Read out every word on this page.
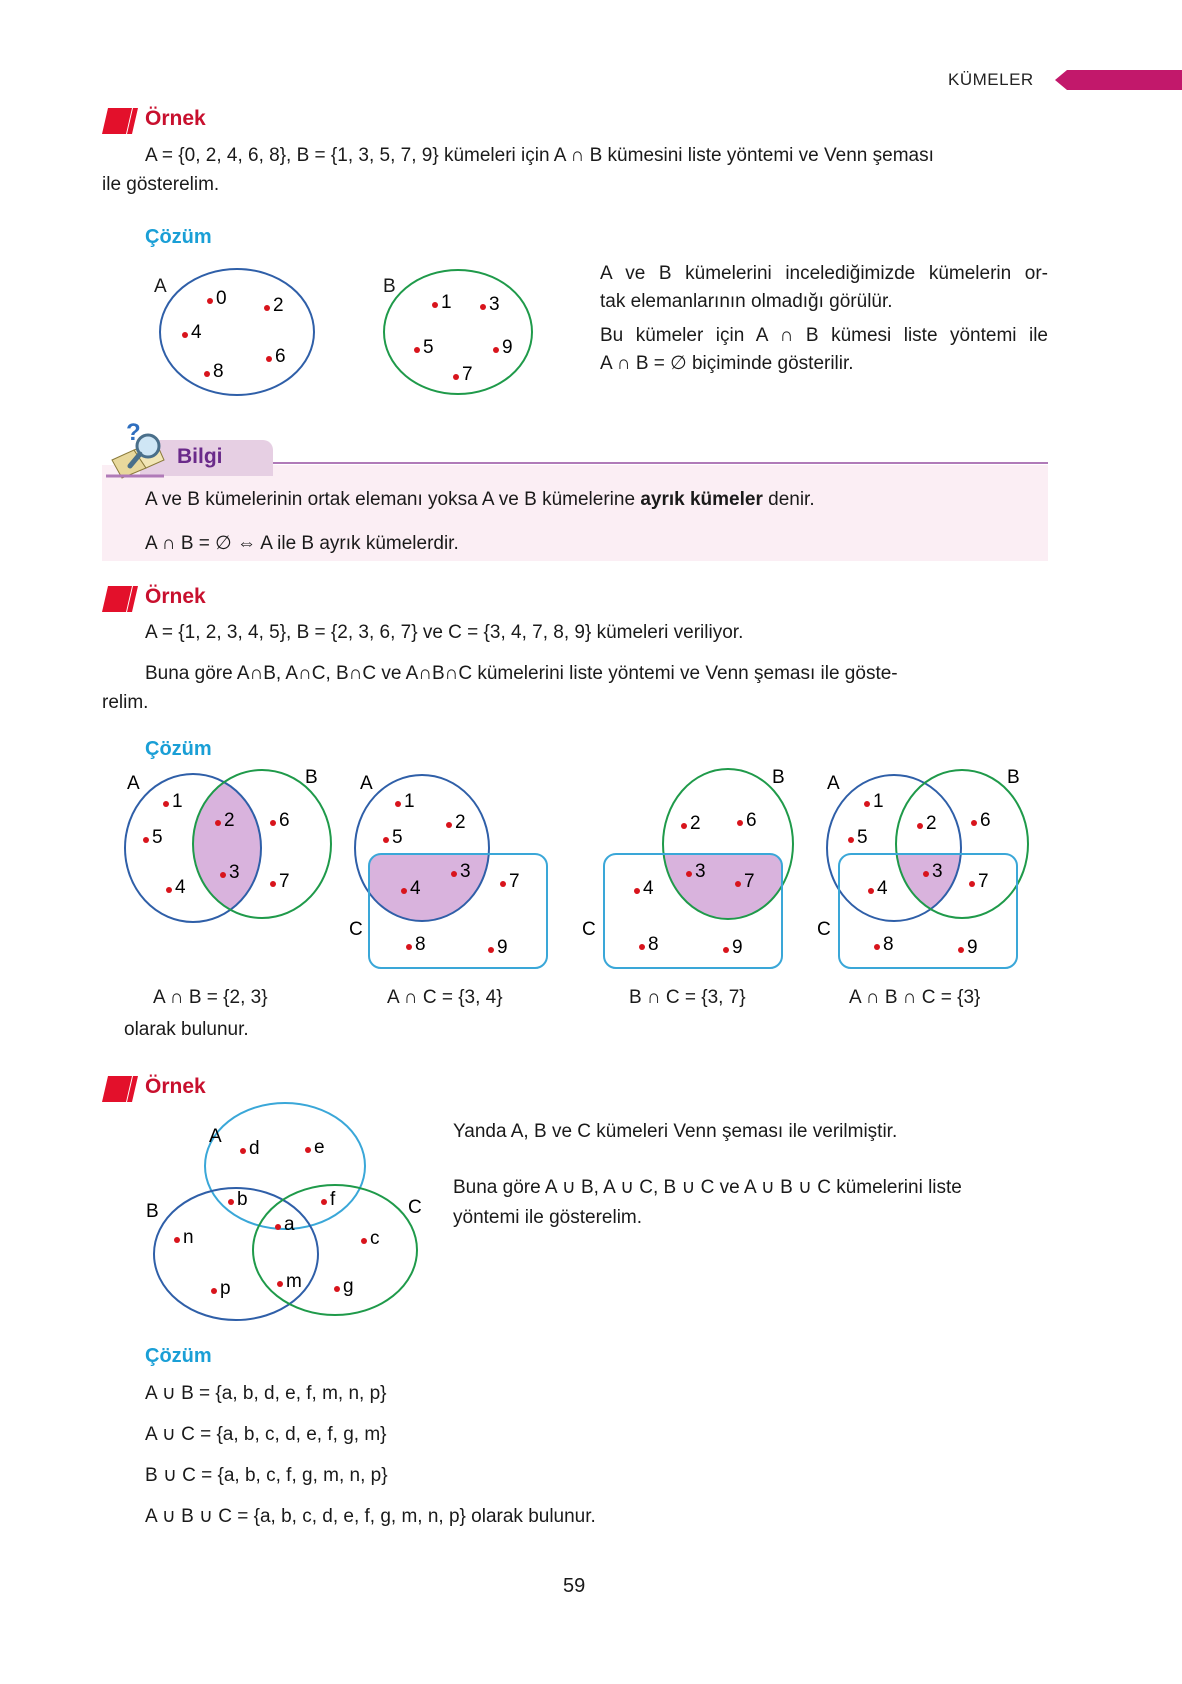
KÜMELER
Örnek
A = {0, 2, 4, 6, 8}, B = {1, 3, 5, 7, 9} kümeleri için A ∩ B kümesini liste yöntemi ve Venn şeması
ile gösterelim.
Çözüm
A
0 2
4
6
8
B
1 3
5	9
7
A ve B kümelerini incelediğimizde kümelerin or-
tak elemanlarının olmadığı görülür.
Bu kümeler için A ∩ B kümesi liste yöntemi ile
A ∩ B = ∅ biçiminde gösterilir.
Bilgi
?
A ve B kümelerinin ortak elemanı yoksa A ve B kümelerine ayrık kümeler denir.
A ∩ B = ∅ ⇔ A ile B ayrık kümelerdir.
Örnek
A = {1, 2, 3, 4, 5}, B = {2, 3, 6, 7} ve C = {3, 4, 7, 8, 9} kümeleri veriliyor.
Buna göre A∩B, A∩C, B∩C ve A∩B∩C kümelerini liste yöntemi ve Venn şeması ile göste-
relim.
Çözüm
A	B
1
2
5
6
3 7
4
A
C
1
2
5
3 7
4
8	9
B
C
2 6
3 7
4
8	9
A	B
C
1
2
5
6
3 7
4
8	9
A ∩ B = {2, 3}	A ∩ C = {3, 4}	B ∩ C = {3, 7}	A ∩ B ∩ C = {3}
olarak bulunur.
Örnek
A
B	C
d	e
b	f
a
n	c
p	m g
Yanda A, B ve C kümeleri Venn şeması ile verilmiştir.
Buna göre A ∪ B, A ∪ C, B ∪ C ve A ∪ B ∪ C kümelerini liste
yöntemi ile gösterelim.
Çözüm
A ∪ B = {a, b, d, e, f, m, n, p}
A ∪ C = {a, b, c, d, e, f, g, m}
B ∪ C = {a, b, c, f, g, m, n, p}
A ∪ B ∪ C = {a, b, c, d, e, f, g, m, n, p} olarak bulunur.
59
